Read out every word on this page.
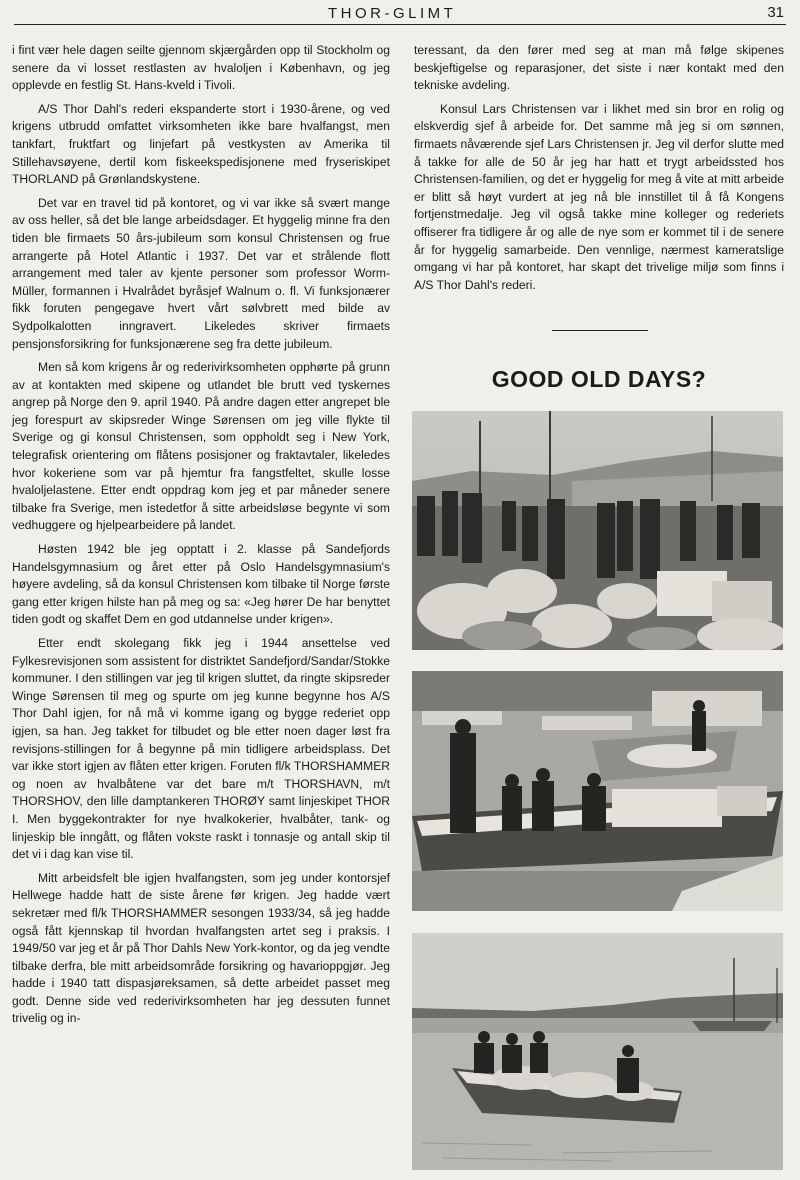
THOR-GLIMT	31

i fint vær hele dagen seilte gjennom skjærgården opp til Stockholm og senere da vi losset restlasten av hvaloljen i København, og jeg opplevde en festlig St. Hans-kveld i Tivoli.

A/S Thor Dahl's rederi ekspanderte stort i 1930-årene, og ved krigens utbrudd omfattet virksomheten ikke bare hvalfangst, men tankfart, fruktfart og linjefart på vestkysten av Amerika til Stillehavsøyene, dertil kom fiskeekspedisjonene med fryseriskipet THORLAND på Grønlandskystene.

Det var en travel tid på kontoret, og vi var ikke så svært mange av oss heller, så det ble lange arbeidsdager. Et hyggelig minne fra den tiden ble firmaets 50 års-jubileum som konsul Christensen og frue arrangerte på Hotel Atlantic i 1937. Det var et strålende flott arrangement med taler av kjente personer som professor Worm-Müller, formannen i Hvalrådet byråsjef Walnum o. fl. Vi funksjonærer fikk foruten pengegave hvert vårt sølvbrett med bilde av Sydpolkalotten inngravert. Likeledes skriver firmaets pensjonsforsikring for funksjonærene seg fra dette jubileum.

Men så kom krigens år og rederivirksomheten opphørte på grunn av at kontakten med skipene og utlandet ble brutt ved tyskernes angrep på Norge den 9. april 1940. På andre dagen etter angrepet ble jeg forespurt av skipsreder Winge Sørensen om jeg ville flykte til Sverige og gi konsul Christensen, som oppholdt seg i New York, telegrafisk orientering om flåtens posisjoner og fraktavtaler, likeledes hvor kokeriene som var på hjemtur fra fangstfeltet, skulle losse hvaloljelastene. Etter endt oppdrag kom jeg et par måneder senere tilbake fra Sverige, men istedetfor å sitte arbeidsløse begynte vi som vedhuggere og hjelpearbeidere på landet.

Høsten 1942 ble jeg opptatt i 2. klasse på Sandefjords Handelsgymnasium og året etter på Oslo Handelsgymnasium's høyere avdeling, så da konsul Christensen kom tilbake til Norge første gang etter krigen hilste han på meg og sa: «Jeg hører De har benyttet tiden godt og skaffet Dem en god utdannelse under krigen».

Etter endt skolegang fikk jeg i 1944 ansettelse ved Fylkesrevisjonen som assistent for distriktet Sandefjord/Sandar/Stokke kommuner. I den stillingen var jeg til krigen sluttet, da ringte skipsreder Winge Sørensen til meg og spurte om jeg kunne begynne hos A/S Thor Dahl igjen, for nå må vi komme igang og bygge rederiet opp igjen, sa han. Jeg takket for tilbudet og ble etter noen dager løst fra revisjons-stillingen for å begynne på min tidligere arbeidsplass. Det var ikke stort igjen av flåten etter krigen. Foruten fl/k THORSHAMMER og noen av hvalbåtene var det bare m/t THORSHAVN, m/t THORSHOV, den lille damptankeren THORØY samt linjeskipet THOR I. Men byggekontrakter for nye hvalkokerier, hvalbåter, tank- og linjeskip ble inngått, og flåten vokste raskt i tonnasje og antall skip til det vi i dag kan vise til.

Mitt arbeidsfelt ble igjen hvalfangsten, som jeg under kontorsjef Hellwege hadde hatt de siste årene før krigen. Jeg hadde vært sekretær med fl/k THORSHAMMER sesongen 1933/34, så jeg hadde også fått kjennskap til hvordan hvalfangsten artet seg i praksis. I 1949/50 var jeg et år på Thor Dahls New York-kontor, og da jeg vendte tilbake derfra, ble mitt arbeidsområde forsikring og havarioppgjør. Jeg hadde i 1940 tatt dispasjøreksamen, så dette arbeidet passet meg godt. Denne side ved rederivirksomheten har jeg dessuten funnet trivelig og in-

teressant, da den fører med seg at man må følge skipenes beskjeftigelse og reparasjoner, det siste i nær kontakt med den tekniske avdeling.

Konsul Lars Christensen var i likhet med sin bror en rolig og elskverdig sjef å arbeide for. Det samme må jeg si om sønnen, firmaets nåværende sjef Lars Christensen jr. Jeg vil derfor slutte med å takke for alle de 50 år jeg har hatt et trygt arbeidssted hos Christensen-familien, og det er hyggelig for meg å vite at mitt arbeide er blitt så høyt vurdert at jeg nå ble innstillet til å få Kongens fortjenstmedalje. Jeg vil også takke mine kolleger og rederiets offiserer fra tidligere år og alle de nye som er kommet til i de senere år for hyggelig samarbeide. Den vennlige, nærmest kameratslige omgang vi har på kontoret, har skapt det trivelige miljø som finns i A/S Thor Dahl's rederi.

GOOD OLD DAYS?
